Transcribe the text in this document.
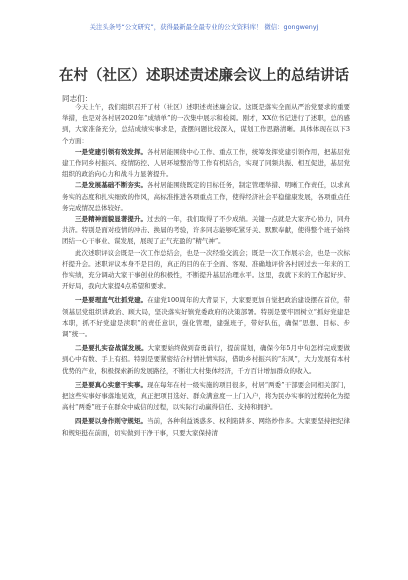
关注头条号“公文研究”，获得最新最全最专业的公文资料库！ 微信：gongwenyj
在村（社区）述职述责述廉会议上的总结讲话
同志们：

今天上午，我们组织召开了村（社区）述职述责述廉会议。这既是落实全面从严治党要求的重要举措，也是对各村居2020年“成绩单”的一次集中展示和检阅。刚才，XX位书记进行了述职，总的感到，大家准备充分，总结成绩实事求是，查摆问题比较深入，谋划工作思路清晰。具体体现在以下3个方面：

一是党建引领有效发挥。各村居能围绕中心工作、重点工作，统筹发挥党建引领作用，把基层党建工作同乡村振兴、疫情防控、人居环境整治等工作有机结合，实现了同频共振、相互促进，基层党组织的政治向心力和战斗力显著提升。

二是发展基础不断夯实。各村居能围绕既定的目标任务，制定管理举措、明晰工作责任，以求真务实的态度和扎实细致的作风，高标准推进各项重点工作，使得经济社会平稳健康发展，各项重点任务完成情况总体较好。

三是精神面貌显著提升。过去的一年，我们取得了不少成绩。关键一点就是大家齐心协力，同舟共济。特别是面对疫情的冲击、换届的考验，许多同志能够吃紧牙关、默默奉献，使得整个班子始终团结一心干事业、谋发展，展现了正气充盈的“精气神”。

此次述职评议会既是一次工作总结会，也是一次经验交流会；既是一次工作展示会，也是一次标杆提升会。述职评议本身不是目的，真正的目的在于全面、客观、准确地评价各村居过去一年来的工作实绩，充分调动大家干事创业的积极性，不断提升基层治理水平。这里，我就下来的工作起好步、开好局，我向大家提4点希望和要求。

一是要理直气壮抓党建。在建党100周年的大背景下，大家要更加自觉把政治建设摆在首位，带领基层党组织讲政治、顾大局，坚决落实好镇党委政府的决策部署。特别是要牢固树立“抓好党建是本职，抓不好党建是渎职”的责任意识，强化管理，建强班子，带好队伍，确保“思想、目标、步调”统一。

二是要扎实奋战谋发展。大家要始终做到奋勇前行，提前谋划，确保今年5月中旬怎样完成要做到心中有数、手上有招。特别是要紧密结合村情社情实际，借助乡村振兴的“东风”，大力发展有本村优势的产业，积极探索新的发展路径，不断壮大村集体经济，千方百计增加群众的收入。

三是要真心实意干实事。现在每年在村一级实施的项目很多，村居“两委”干部要会同相关部门，把这些实事好事落地见效，真正把项目选好、群众满意度一上门入户，将为民办实事的过程转化为提高村“两委”班子在群众中威信的过程，以实际行动赢得信任、支持和拥护。

四是要以身作则守规矩。当前，各种利益诱惑多、权利陷阱多、网络炒作多。大家要坚持把纪律和规矩挺在前面，切实做到干净干事，只要大家保持清
